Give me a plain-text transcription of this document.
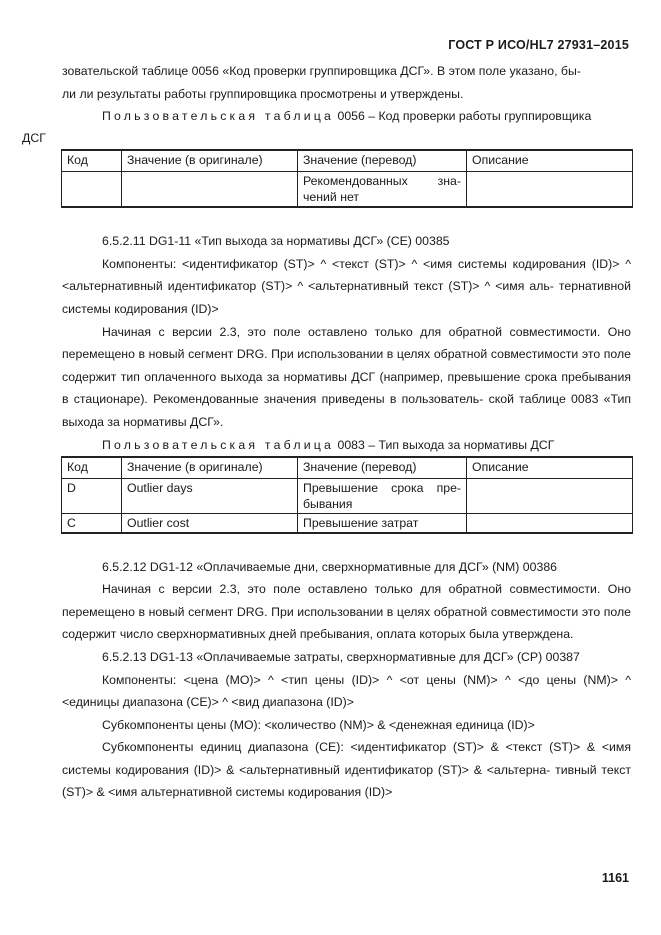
ГОСТ Р ИСО/HL7 27931–2015

зовательской таблице 0056 «Код проверки группировщика ДСГ». В этом поле указано, бы-
ли ли результаты работы группировщика просмотрены и утверждены.

Пользовательская таблица 0056 – Код проверки работы группировщика
ДСГ

Код	Значение (в оригинале)	Значение (перевод)	Описание

		Рекомендованных зна-
чений нет	

6.5.2.11 DG1-11 «Тип выхода за нормативы ДСГ» (CE) 00385

Компоненты: <идентификатор (ST)> ^ <текст (ST)> ^ <имя системы кодирования (ID)> ^ <альтернативный идентификатор (ST)> ^ <альтернативный текст (ST)> ^ <имя аль- тернативной системы кодирования (ID)>

Начиная с версии 2.3, это поле оставлено только для обратной совместимости. Оно перемещено в новый сегмент DRG. При использовании в целях обратной совместимости это поле содержит тип оплаченного выхода за нормативы ДСГ (например, превышение срока пребывания в стационаре). Рекомендованные значения приведены в пользователь- ской таблице 0083 «Тип выхода за нормативы ДСГ».

Пользовательская таблица 0083 – Тип выхода за нормативы ДСГ

Код	Значение (в оригинале)	Значение (перевод)	Описание
D	Outlier days	Превышение срока пре-
бывания	
C	Outlier cost	Превышение затрат	

6.5.2.12 DG1-12 «Оплачиваемые дни, сверхнормативные для ДСГ» (NM) 00386

Начиная с версии 2.3, это поле оставлено только для обратной совместимости. Оно перемещено в новый сегмент DRG. При использовании в целях обратной совместимости это поле содержит число сверхнормативных дней пребывания, оплата которых была утверждена.

6.5.2.13 DG1-13 «Оплачиваемые затраты, сверхнормативные для ДСГ» (CP) 00387

Компоненты: <цена (MO)> ^ <тип цены (ID)> ^ <от цены (NM)> ^ <до цены (NM)> ^ <единицы диапазона (CE)> ^ <вид диапазона (ID)>

Субкомпоненты цены (MO): <количество (NM)> & <денежная единица (ID)>

Субкомпоненты единиц диапазона (CE): <идентификатор (ST)> & <текст (ST)> & <имя системы кодирования (ID)> & <альтернативный идентификатор (ST)> & <альтерна- тивный текст (ST)> & <имя альтернативной системы кодирования (ID)>

1161
